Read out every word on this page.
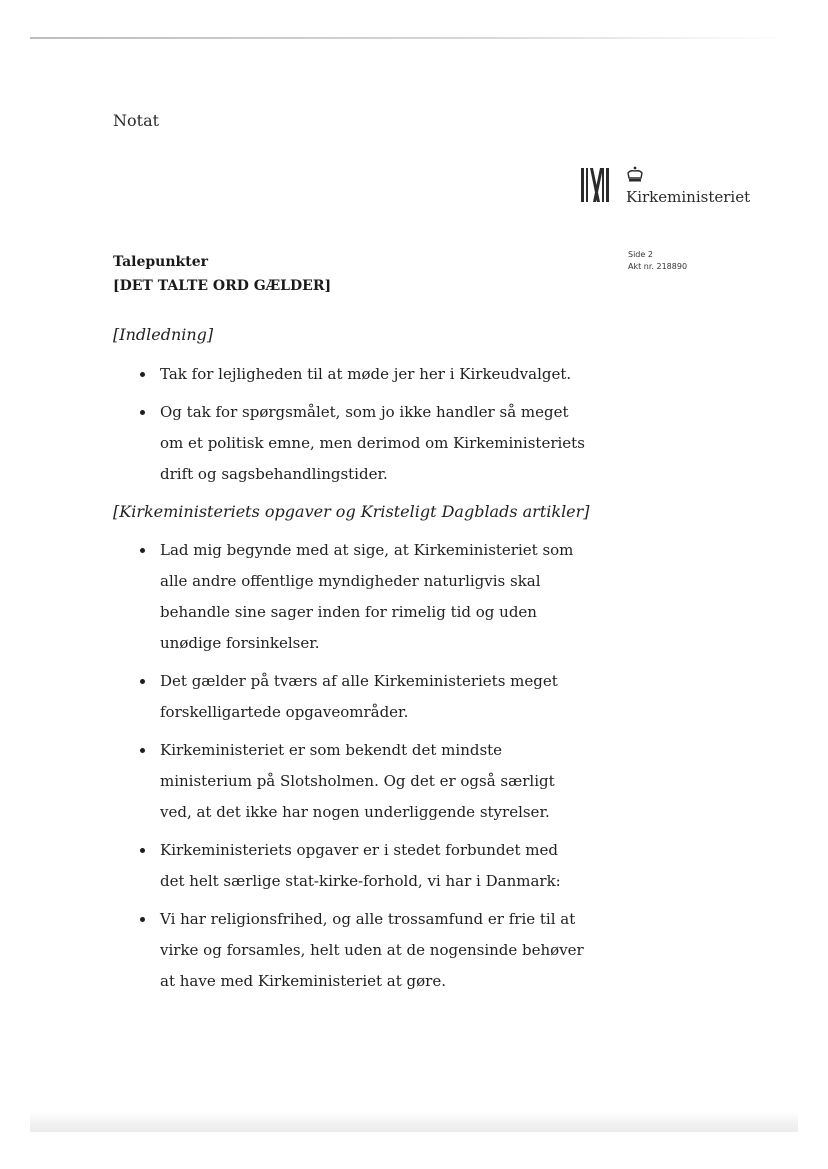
Notat
Kirkeministeriet
Side 2
Akt nr. 218890
Talepunkter
[DET TALTE ORD GÆLDER]
[Indledning]
Tak for lejligheden til at møde jer her i Kirkeudvalget.
Og tak for spørgsmålet, som jo ikke handler så meget om et politisk emne, men derimod om Kirkeministeriets drift og sagsbehandlingstider.
[Kirkeministeriets opgaver og Kristeligt Dagblads artikler]
Lad mig begynde med at sige, at Kirkeministeriet som alle andre offentlige myndigheder naturligvis skal behandle sine sager inden for rimelig tid og uden unødige forsinkelser.
Det gælder på tværs af alle Kirkeministeriets meget forskelligartede opgaveområder.
Kirkeministeriet er som bekendt det mindste ministerium på Slotsholmen. Og det er også særligt ved, at det ikke har nogen underliggende styrelser.
Kirkeministeriets opgaver er i stedet forbundet med det helt særlige stat-kirke-forhold, vi har i Danmark:
Vi har religionsfrihed, og alle trossamfund er frie til at virke og forsamles, helt uden at de nogensinde behøver at have med Kirkeministeriet at gøre.
